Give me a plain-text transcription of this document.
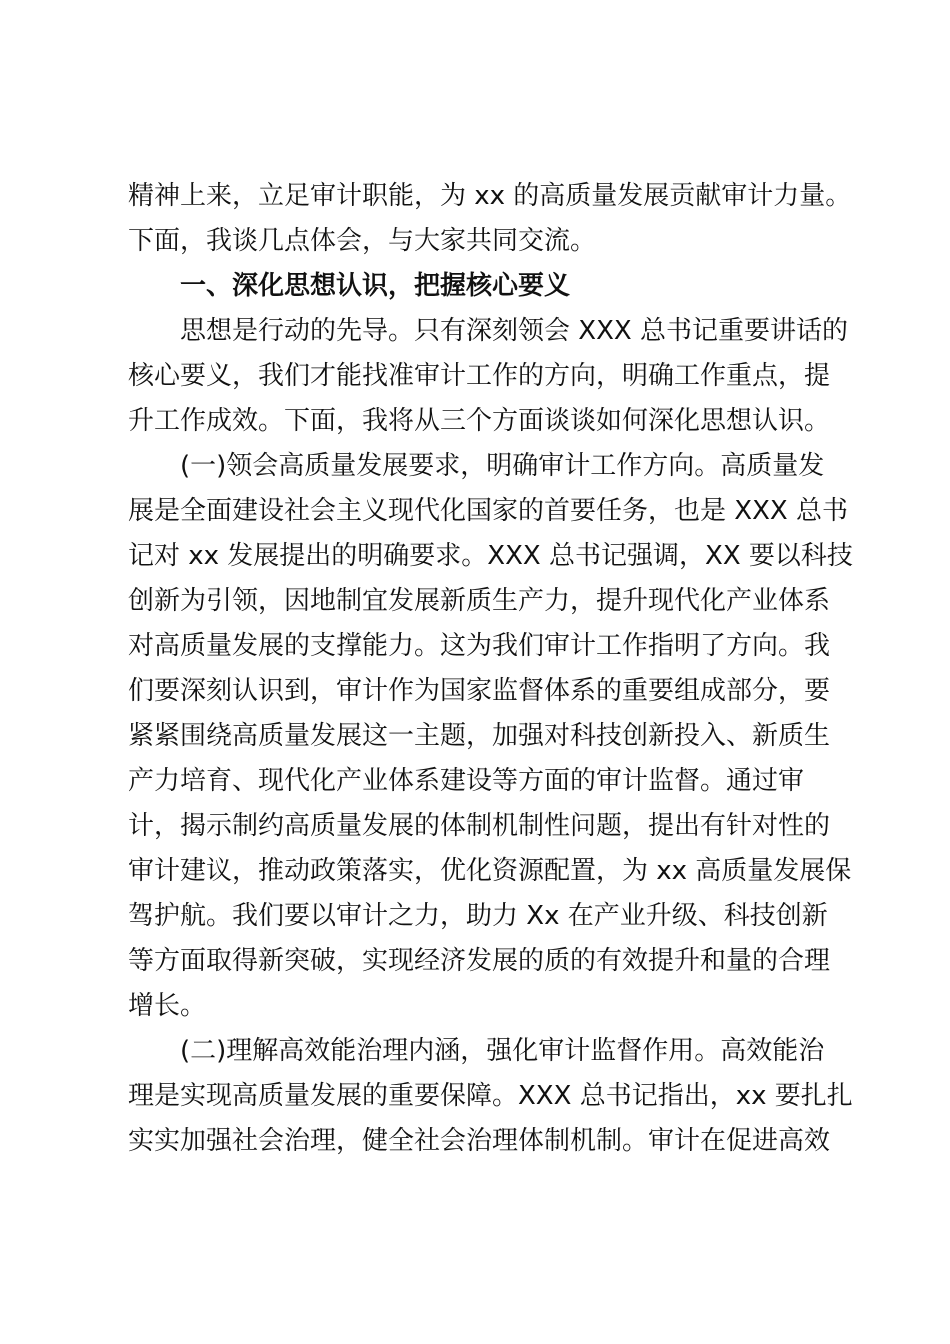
精神上来，立足审计职能，为 xx 的高质量发展贡献审计力量。
下面，我谈几点体会，与大家共同交流。
一、深化思想认识，把握核心要义
思想是行动的先导。只有深刻领会 XXX 总书记重要讲话的
核心要义，我们才能找准审计工作的方向，明确工作重点，提
升工作成效。下面，我将从三个方面谈谈如何深化思想认识。
(一)领会高质量发展要求，明确审计工作方向。高质量发
展是全面建设社会主义现代化国家的首要任务，也是 XXX 总书
记对 xx 发展提出的明确要求。XXX 总书记强调，XX 要以科技
创新为引领，因地制宜发展新质生产力，提升现代化产业体系
对高质量发展的支撑能力。这为我们审计工作指明了方向。我
们要深刻认识到，审计作为国家监督体系的重要组成部分，要
紧紧围绕高质量发展这一主题，加强对科技创新投入、新质生
产力培育、现代化产业体系建设等方面的审计监督。通过审
计，揭示制约高质量发展的体制机制性问题，提出有针对性的
审计建议，推动政策落实，优化资源配置，为 xx 高质量发展保
驾护航。我们要以审计之力，助力 Xx 在产业升级、科技创新
等方面取得新突破，实现经济发展的质的有效提升和量的合理
增长。
(二)理解高效能治理内涵，强化审计监督作用。高效能治
理是实现高质量发展的重要保障。XXX 总书记指出，xx 要扎扎
实实加强社会治理，健全社会治理体制机制。审计在促进高效
